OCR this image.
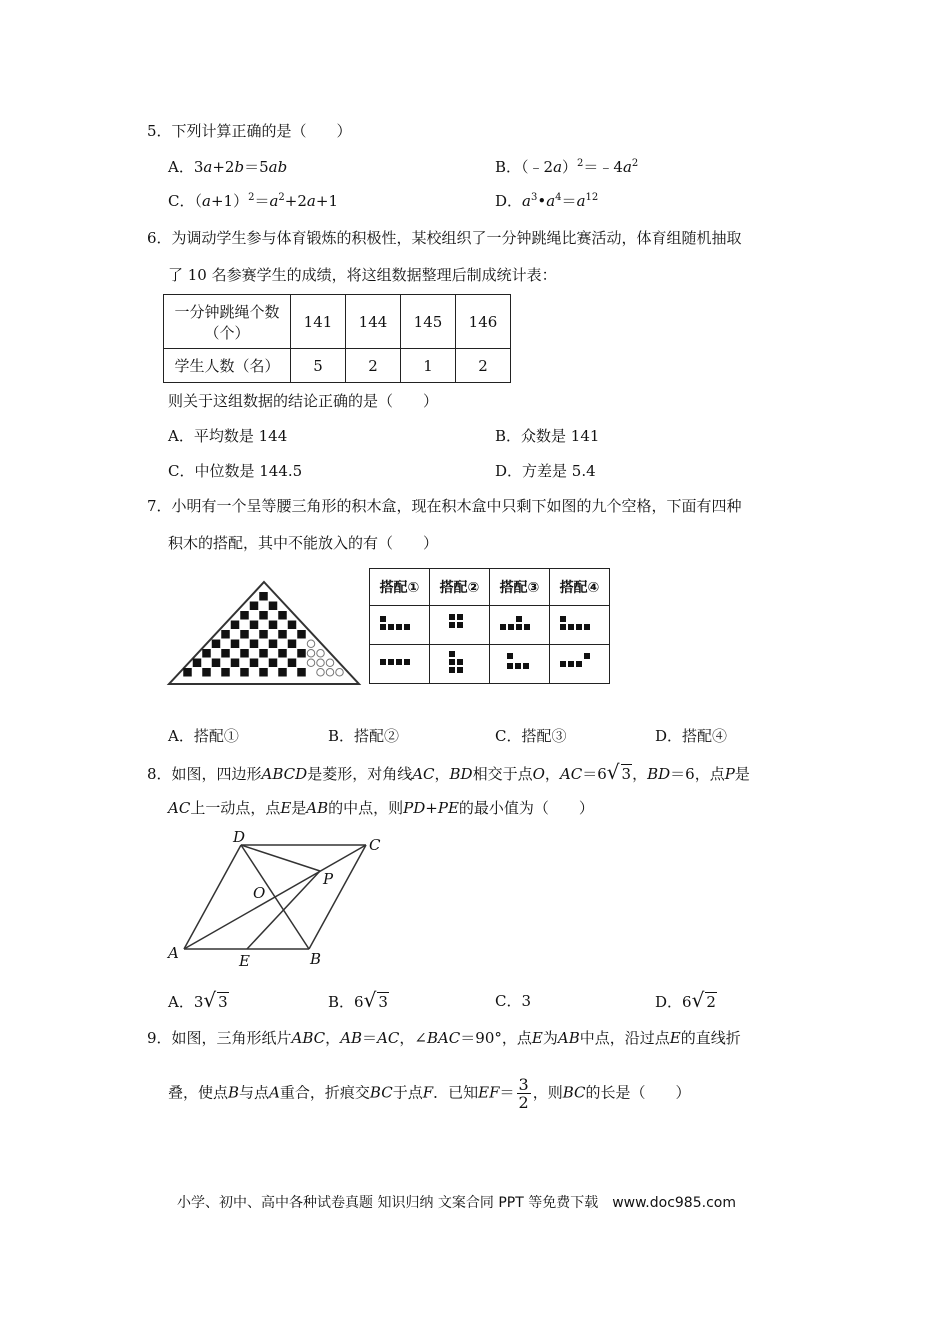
5．下列计算正确的是（　　）
A．3a+2b＝5ab	B．$(﹣2a)^2=﹣4a^2$
C．$(a+1)^2=a^2+2a+1$	D．$a^3•a^4=a^{12}$
6．为调动学生参与体育锻炼的积极性，某校组织了一分钟跳绳比赛活动，体育组随机抽取
了 10 名参赛学生的成绩，将这组数据整理后制成统计表：
一分钟跳绳个数（个）	141	144	145	146
学生人数（名）	5	2	1	2
则关于这组数据的结论正确的是（　　）
A．平均数是 144	B．众数是 141
C．中位数是 144.5	D．方差是 5.4
7．小明有一个呈等腰三角形的积木盒，现在积木盒中只剩下如图的九个空格，下面有四种
积木的搭配，其中不能放入的有（　　）
搭配①	搭配②	搭配③	搭配④

A．搭配①	B．搭配②	C．搭配③	D．搭配④
8．如图，四边形ABCD是菱形，对角线AC，BD相交于点O，AC＝6√ 3，BD＝6，点P是
AC上一动点，点E是AB的中点，则PD+PE的最小值为（　　）
D	C
O
P
A	E	B
A．3√ 3	B．6√ 3	C．3	D．6√ 2
9．如图，三角形纸片ABC，AB＝AC，∠BAC＝90°，点E为AB中点，沿过点E的直线折
叠，使点B与点A重合，折痕交BC于点F．已知$EF= \frac{3}{2}$ ，则BC的长是（　　）
小学、初中、高中各种试卷真题 知识归纳 文案合同 PPT 等免费下载　www.doc985.com
